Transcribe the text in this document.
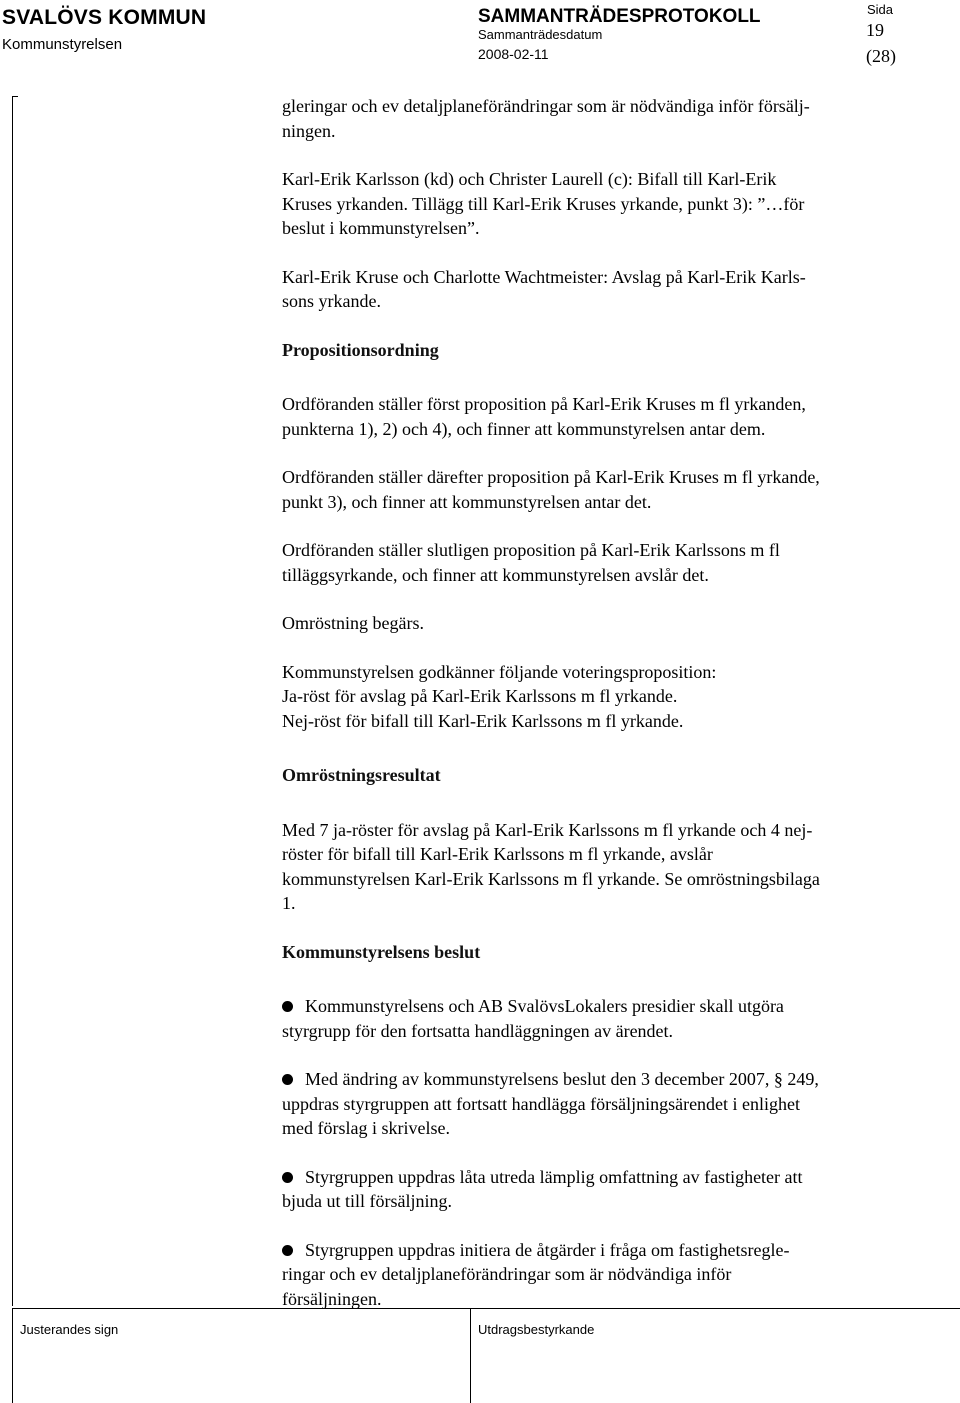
SVALÖVS KOMMUN
Kommunstyrelsen
SAMMANTRÄDESPROTOKOLL
Sammanträdesdatum
2008-02-11
Sida
19
(28)

gleringar och ev detaljplaneförändringar som är nödvändiga inför försälj-
ningen.

Karl-Erik Karlsson (kd) och Christer Laurell (c): Bifall till Karl-Erik
Kruses yrkanden. Tillägg till Karl-Erik Kruses yrkande, punkt 3): ”…för
beslut i kommunstyrelsen”.

Karl-Erik Kruse och Charlotte Wachtmeister: Avslag på Karl-Erik Karls-
sons yrkande.

Propositionsordning

Ordföranden ställer först proposition på Karl-Erik Kruses m fl yrkanden,
punkterna 1), 2) och 4), och finner att kommunstyrelsen antar dem.

Ordföranden ställer därefter proposition på Karl-Erik Kruses m fl yrkande,
punkt 3), och finner att kommunstyrelsen antar det.

Ordföranden ställer slutligen proposition på Karl-Erik Karlssons m fl
tilläggsyrkande, och finner att kommunstyrelsen avslår det.

Omröstning begärs.

Kommunstyrelsen godkänner följande voteringsproposition:
Ja-röst för avslag på Karl-Erik Karlssons m fl yrkande.
Nej-röst för bifall till Karl-Erik Karlssons m fl yrkande.

Omröstningsresultat

Med 7 ja-röster för avslag på Karl-Erik Karlssons m fl yrkande och 4 nej-
röster för bifall till Karl-Erik Karlssons m fl yrkande, avslår
kommunstyrelsen Karl-Erik Karlssons m fl yrkande. Se omröstningsbilaga
1.

Kommunstyrelsens beslut

Kommunstyrelsens och AB SvalövsLokalers presidier skall utgöra
styrgrupp för den fortsatta handläggningen av ärendet.

Med ändring av kommunstyrelsens beslut den 3 december 2007, § 249,
uppdras styrgruppen att fortsatt handlägga försäljningsärendet i enlighet
med förslag i skrivelse.

Styrgruppen uppdras låta utreda lämplig omfattning av fastigheter att
bjuda ut till försäljning.

Styrgruppen uppdras initiera de åtgärder i fråga om fastighetsregle-
ringar och ev detaljplaneförändringar som är nödvändiga inför
försäljningen.

Justerandes sign	Utdragsbestyrkande
